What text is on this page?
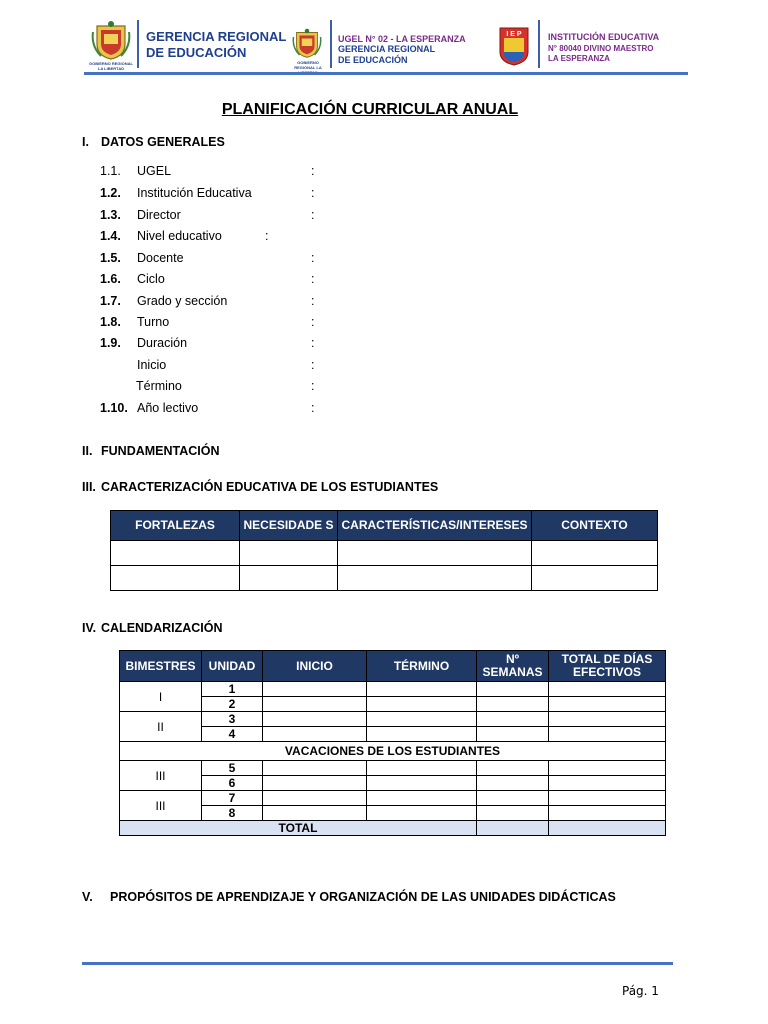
GOBIERNO REGIONAL LA LIBERTAD
GERENCIA REGIONAL
DE EDUCACIÓN
GOBIERNO REGIONAL LA
UGEL N° 02 - LA ESPERANZA
GERENCIA REGIONAL
DE EDUCACIÓN
I E P	INSTITUCIÓN EDUCATIVA
N° 80040 DIVINO MAESTRO
LA ESPERANZA
PLANIFICACIÓN CURRICULAR ANUAL
I. DATOS GENERALES
1.1.	UGEL	:
1.2.	Institución Educativa	:
1.3.	Director	:
1.4.	Nivel educativo	:
1.5.	Docente	:
1.6.	Ciclo	:
1.7.	Grado y sección	:
1.8.	Turno	:
1.9.	Duración	:
Inicio	:
Término	:
1.10. Año lectivo	:
II. FUNDAMENTACIÓN
III. CARACTERIZACIÓN EDUCATIVA DE LOS ESTUDIANTES
FORTALEZAS	NECESIDADE S	CARACTERÍSTICAS/INTERESES	CONTEXTO

IV. CALENDARIZACIÓN
BIMESTRES	UNIDAD	INICIO	TÉRMINO	Nº SEMANAS	TOTAL DE DÍAS EFECTIVOS
I	1				
	2				
II	3				
	4				
VACACIONES DE LOS ESTUDIANTES					
III	5				
	6				
III	7				
	8				
TOTAL					
V. PROPÓSITOS DE APRENDIZAJE Y ORGANIZACIÓN DE LAS UNIDADES DIDÁCTICAS
Pág. 1
